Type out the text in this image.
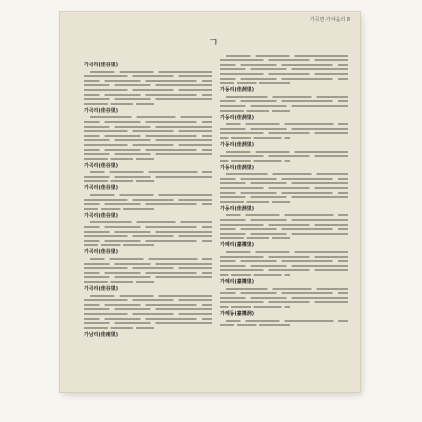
가곡면·가야읍의 8
ㄱ
가곡리(佳谷里)
가곡리(佳谷里)
가곡리(佳谷里)
가곡리(佳谷里)
가곡리(佳谷里)
가곡리(佳谷里)
가곡리(佳谷里)
가남리(佳南里)
가동리(佳洞里)
가동리(佳洞里)
가동리(佳洞里)
가동리(佳洞里)
가동리(佳洞里)
가례리(嘉禮里)
가례리(嘉禮里)
가례동(嘉禮洞)
